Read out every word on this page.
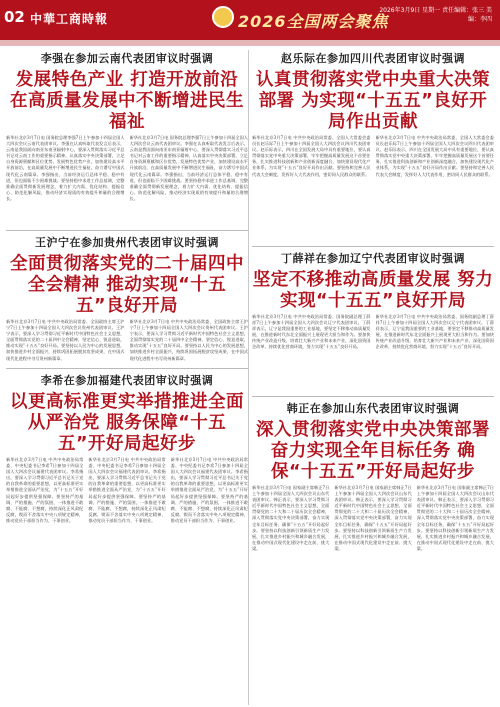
02 中華工商時報	2026全国两会聚焦
2026年3月9日 星期一 责任编辑：张三 美编：李四
李强在参加云南代表团审议时强调
发展特色产业 打造开放前沿 在高质量发展中不断增进民生福祉
新华社北京3月7日电 国务院总理李强7日上午参加十四届全国人大四次会议云南代表团审议。李强在认真听取代表发言后表示，云南是我国面向南亚东南亚辐射中心，要深入贯彻落实习近平总书记对云南工作的重要指示精神，认真落实中央决策部署，立足自身资源禀赋和区位优势，发展特色优势产业，加快建设高水平开放前沿，在高质量发展中不断增进民生福祉，奋力谱写中国式现代化云南篇章。李强指出，当前经济运行总体平稳、稳中有进，但也面临不少困难挑战。要坚持稳中求进工作总基调，完整准确全面贯彻新发展理念，着力扩大内需、优化结构、提振信心、防范化解风险，推动经济实现质的有效提升和量的合理增长。
新华社北京3月7日电 国务院总理李强7日上午参加十四届全国人大四次会议云南代表团审议。李强在认真听取代表发言后表示，云南是我国面向南亚东南亚辐射中心，要深入贯彻落实习近平总书记对云南工作的重要指示精神，认真落实中央决策部署，立足自身资源禀赋和区位优势，发展特色优势产业，加快建设高水平开放前沿，在高质量发展中不断增进民生福祉，奋力谱写中国式现代化云南篇章。李强指出，当前经济运行总体平稳、稳中有进，但也面临不少困难挑战。要坚持稳中求进工作总基调，完整准确全面贯彻新发展理念，着力扩大内需、优化结构、提振信心、防范化解风险，推动经济实现质的有效提升和量的合理增长。
王沪宁在参加贵州代表团审议时强调
全面贯彻落实党的二十届四中全会精神 推动实现“十五五”良好开局
新华社北京3月7日电 中共中央政治局常委、全国政协主席王沪宁7日上午参加十四届全国人大四次会议贵州代表团审议。王沪宁表示，要深入学习贯彻习近平新时代中国特色社会主义思想，全面贯彻落实党的二十届四中全会精神，坚定信心、锐意进取，推动实现“十五五”良好开局。要坚持以人民为中心的发展思想，加快推进乡村全面振兴，持续巩固拓展脱贫攻坚成果，在中国式现代化进程中书写贵州新篇章。
新华社北京3月7日电 中共中央政治局常委、全国政协主席王沪宁7日上午参加十四届全国人大四次会议贵州代表团审议。王沪宁表示，要深入学习贯彻习近平新时代中国特色社会主义思想，全面贯彻落实党的二十届四中全会精神，坚定信心、锐意进取，推动实现“十五五”良好开局。要坚持以人民为中心的发展思想，加快推进乡村全面振兴，持续巩固拓展脱贫攻坚成果，在中国式现代化进程中书写贵州新篇章。
李希在参加福建代表团审议时强调
以更高标准更实举措推进全面从严治党 服务保障“十五五”开好局起好步
新华社北京3月7日电 中共中央政治局常委、中央纪委书记李希7日参加十四届全国人大四次会议福建代表团审议。李希指出，要深入学习贯彻习近平总书记关于党的自我革命的重要思想，以更高标准更实举措推进全面从严治党，为“十五五”开好局起好步提供坚强保障。要坚持严的基调、严的措施、严的氛围，一体推进不敢腐、不能腐、不想腐，持续深化正风肃纪反腐，锲而不舍落实中央八项规定精神，推动党员干部担当作为、干事创业。
新华社北京3月7日电 中共中央政治局常委、中央纪委书记李希7日参加十四届全国人大四次会议福建代表团审议。李希指出，要深入学习贯彻习近平总书记关于党的自我革命的重要思想，以更高标准更实举措推进全面从严治党，为“十五五”开好局起好步提供坚强保障。要坚持严的基调、严的措施、严的氛围，一体推进不敢腐、不能腐、不想腐，持续深化正风肃纪反腐，锲而不舍落实中央八项规定精神，推动党员干部担当作为、干事创业。
新华社北京3月7日电 中共中央政治局常委、中央纪委书记李希7日参加十四届全国人大四次会议福建代表团审议。李希指出，要深入学习贯彻习近平总书记关于党的自我革命的重要思想，以更高标准更实举措推进全面从严治党，为“十五五”开好局起好步提供坚强保障。要坚持严的基调、严的措施、严的氛围，一体推进不敢腐、不能腐、不想腐，持续深化正风肃纪反腐，锲而不舍落实中央八项规定精神，推动党员干部担当作为、干事创业。
赵乐际在参加四川代表团审议时强调
认真贯彻落实党中央重大决策部署 为实现“十五五”良好开局作出贡献
新华社北京3月7日电 中共中央政治局常委、全国人大常委会委员长赵乐际7日上午参加十四届全国人大四次会议四川代表团审议。赵乐际表示，四川在全国发展大局中具有重要地位，要认真贯彻落实党中央重大决策部署，牢牢把握高质量发展这个首要任务，扎实推进科技创新和产业创新深度融合，加快建设现代化产业体系，为实现“十五五”良好开局作出贡献。要坚持和完善人民代表大会制度，发挥好人大代表作用，密切同人民群众的联系。
新华社北京3月7日电 中共中央政治局常委、全国人大常委会委员长赵乐际7日上午参加十四届全国人大四次会议四川代表团审议。赵乐际表示，四川在全国发展大局中具有重要地位，要认真贯彻落实党中央重大决策部署，牢牢把握高质量发展这个首要任务，扎实推进科技创新和产业创新深度融合，加快建设现代化产业体系，为实现“十五五”良好开局作出贡献。要坚持和完善人民代表大会制度，发挥好人大代表作用，密切同人民群众的联系。
丁薛祥在参加辽宁代表团审议时强调
坚定不移推动高质量发展 努力实现“十五五”良好开局
新华社北京3月7日电 中共中央政治局常委、国务院副总理丁薛祥7日上午参加十四届全国人大四次会议辽宁代表团审议。丁薛祥表示，辽宁是我国重要的工业基地，要坚定不移推动高质量发展，在推进新时代东北全面振兴上展现更大担当和作为。要加快传统产业改造升级，培育壮大新兴产业和未来产业，深化国资国企改革，持续优化营商环境，努力实现“十五五”良好开局。
新华社北京3月7日电 中共中央政治局常委、国务院副总理丁薛祥7日上午参加十四届全国人大四次会议辽宁代表团审议。丁薛祥表示，辽宁是我国重要的工业基地，要坚定不移推动高质量发展，在推进新时代东北全面振兴上展现更大担当和作为。要加快传统产业改造升级，培育壮大新兴产业和未来产业，深化国资国企改革，持续优化营商环境，努力实现“十五五”良好开局。
韩正在参加山东代表团审议时强调
深入贯彻落实党中央决策部署 奋力实现全年目标任务 确保“十五五”开好局起好步
新华社北京3月7日电 国家副主席韩正7日上午参加十四届全国人大四次会议山东代表团审议。韩正表示，要深入学习贯彻习近平新时代中国特色社会主义思想，全面贯彻党的二十大和二十届历次全会精神，深入贯彻落实党中央决策部署，奋力实现全年目标任务，确保“十五五”开好局起好步。要坚持以科技创新引领新质生产力发展，扎实推进乡村振兴和城乡融合发展，在推动中国式现代化建设中走在前、挑大梁。
新华社北京3月7日电 国家副主席韩正7日上午参加十四届全国人大四次会议山东代表团审议。韩正表示，要深入学习贯彻习近平新时代中国特色社会主义思想，全面贯彻党的二十大和二十届历次全会精神，深入贯彻落实党中央决策部署，奋力实现全年目标任务，确保“十五五”开好局起好步。要坚持以科技创新引领新质生产力发展，扎实推进乡村振兴和城乡融合发展，在推动中国式现代化建设中走在前、挑大梁。
新华社北京3月7日电 国家副主席韩正7日上午参加十四届全国人大四次会议山东代表团审议。韩正表示，要深入学习贯彻习近平新时代中国特色社会主义思想，全面贯彻党的二十大和二十届历次全会精神，深入贯彻落实党中央决策部署，奋力实现全年目标任务，确保“十五五”开好局起好步。要坚持以科技创新引领新质生产力发展，扎实推进乡村振兴和城乡融合发展，在推动中国式现代化建设中走在前、挑大梁。
